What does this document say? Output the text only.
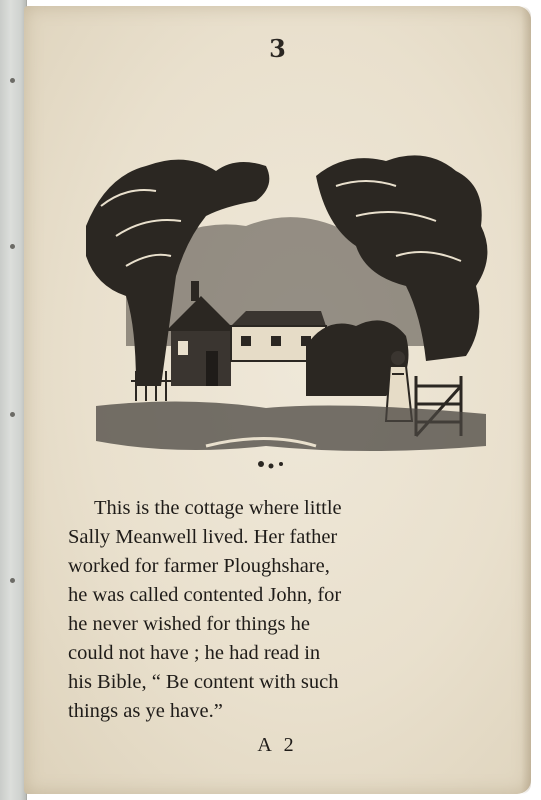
3
This is the cottage where little
Sally Meanwell lived. Her father
worked for farmer Ploughshare,
he was called contented John, for
he never wished for things he
could not have ; he had read in
his Bible, “ Be content with such
things as ye have.”
A 2
